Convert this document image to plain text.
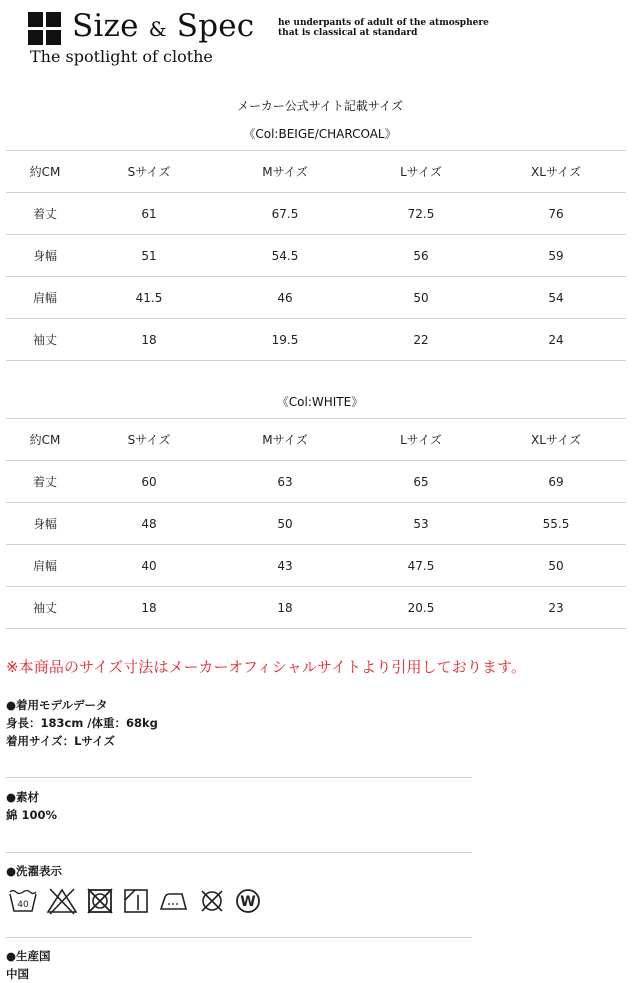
Size & Spec
The spotlight of clothe
he underpants of adult of the atmosphere
that is classical at standard
メーカー公式サイト記載サイズ
《Col:BEIGE/CHARCOAL》
約CM	Sサイズ	Mサイズ	Lサイズ	XLサイズ
着丈	61	67.5	72.5	76
身幅	51	54.5	56	59
肩幅	41.5	46	50	54
袖丈	18	19.5	22	24
《Col:WHITE》
約CM	Sサイズ	Mサイズ	Lサイズ	XLサイズ
着丈	60	63	65	69
身幅	48	50	53	55.5
肩幅	40	43	47.5	50
袖丈	18	18	20.5	23
※本商品のサイズ寸法はメーカーオフィシャルサイトより引用しております。
●着用モデルデータ
身長：183cm /体重：68kg
着用サイズ：Lサイズ
●素材
綿 100%
●洗濯表示
40	W
●生産国
中国
